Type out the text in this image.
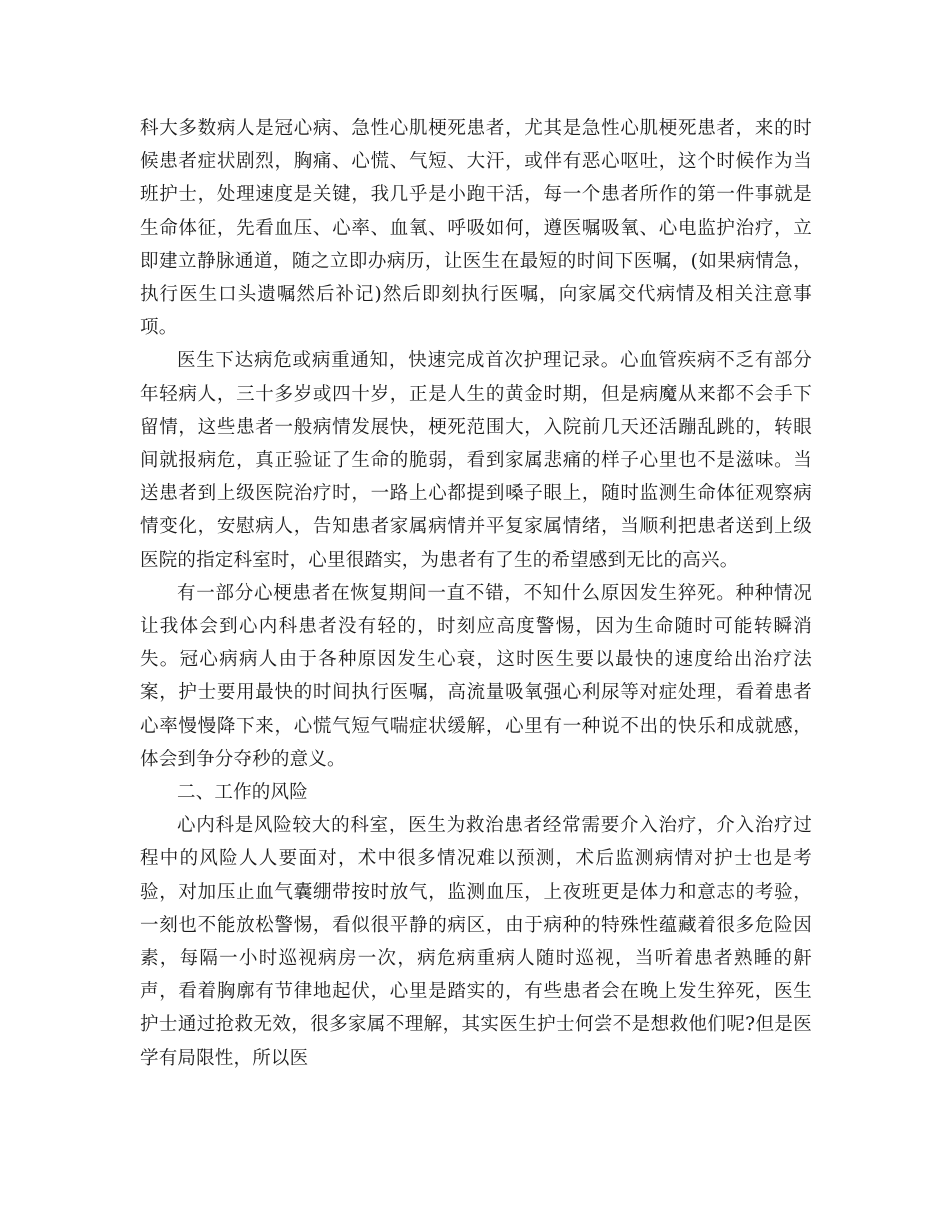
科大多数病人是冠心病、急性心肌梗死患者，尤其是急性心肌梗死患者，来的时候患者症状剧烈，胸痛、心慌、气短、大汗，或伴有恶心呕吐，这个时候作为当班护士，处理速度是关键，我几乎是小跑干活，每一个患者所作的第一件事就是生命体征，先看血压、心率、血氧、呼吸如何，遵医嘱吸氧、心电监护治疗，立即建立静脉通道，随之立即办病历，让医生在最短的时间下医嘱，(如果病情急，执行医生口头遗嘱然后补记)然后即刻执行医嘱，向家属交代病情及相关注意事项。

医生下达病危或病重通知，快速完成首次护理记录。心血管疾病不乏有部分年轻病人，三十多岁或四十岁，正是人生的黄金时期，但是病魔从来都不会手下留情，这些患者一般病情发展快，梗死范围大，入院前几天还活蹦乱跳的，转眼间就报病危，真正验证了生命的脆弱，看到家属悲痛的样子心里也不是滋味。当送患者到上级医院治疗时，一路上心都提到嗓子眼上，随时监测生命体征观察病情变化，安慰病人，告知患者家属病情并平复家属情绪，当顺利把患者送到上级医院的指定科室时，心里很踏实，为患者有了生的希望感到无比的高兴。

有一部分心梗患者在恢复期间一直不错，不知什么原因发生猝死。种种情况让我体会到心内科患者没有轻的，时刻应高度警惕，因为生命随时可能转瞬消失。冠心病病人由于各种原因发生心衰，这时医生要以最快的速度给出治疗法案，护士要用最快的时间执行医嘱，高流量吸氧强心利尿等对症处理，看着患者心率慢慢降下来，心慌气短气喘症状缓解，心里有一种说不出的快乐和成就感，体会到争分夺秒的意义。

二、工作的风险

心内科是风险较大的科室，医生为救治患者经常需要介入治疗，介入治疗过程中的风险人人要面对，术中很多情况难以预测，术后监测病情对护士也是考验，对加压止血气囊绷带按时放气，监测血压，上夜班更是体力和意志的考验，一刻也不能放松警惕，看似很平静的病区，由于病种的特殊性蕴藏着很多危险因素，每隔一小时巡视病房一次，病危病重病人随时巡视，当听着患者熟睡的鼾声，看着胸廓有节律地起伏，心里是踏实的，有些患者会在晚上发生猝死，医生护士通过抢救无效，很多家属不理解，其实医生护士何尝不是想救他们呢?但是医学有局限性，所以医
